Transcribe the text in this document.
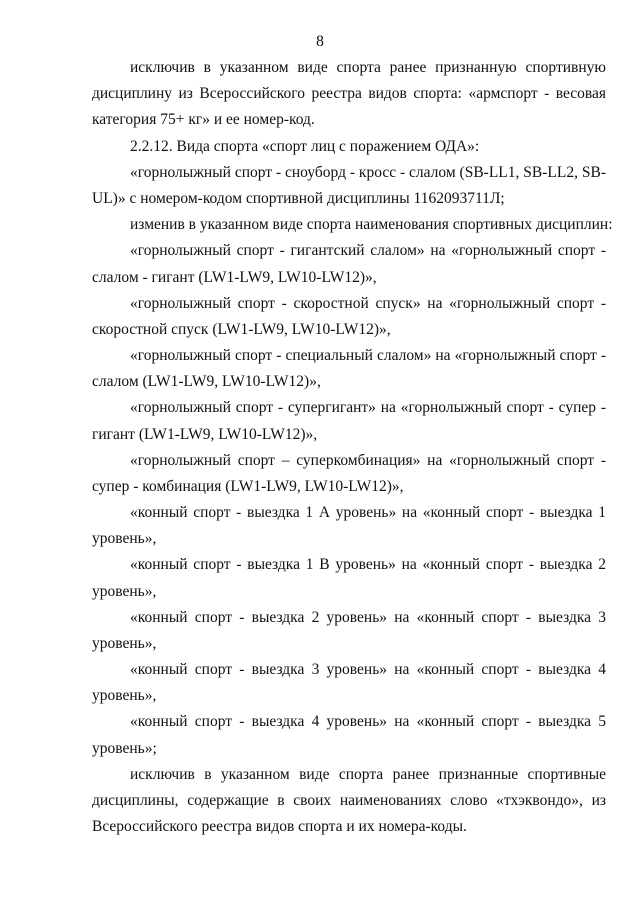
8
исключив в указанном виде спорта ранее признанную спортивную
дисциплину из Всероссийского реестра видов спорта: «армспорт - весовая
категория 75+ кг» и ее номер-код.
2.2.12. Вида спорта «спорт лиц с поражением ОДА»:
«горнолыжный спорт - сноуборд - кросс - слалом (SB-LL1, SB-LL2, SB-
UL)» с номером-кодом спортивной дисциплины 1162093711Л;
изменив в указанном виде спорта наименования спортивных дисциплин:
«горнолыжный спорт - гигантский слалом» на «горнолыжный спорт -
слалом - гигант (LW1-LW9, LW10-LW12)»,
«горнолыжный спорт - скоростной спуск» на «горнолыжный спорт -
скоростной спуск (LW1-LW9, LW10-LW12)»,
«горнолыжный спорт - специальный слалом» на «горнолыжный спорт -
слалом (LW1-LW9, LW10-LW12)»,
«горнолыжный спорт - супергигант» на «горнолыжный спорт - супер -
гигант (LW1-LW9, LW10-LW12)»,
«горнолыжный спорт – суперкомбинация» на «горнолыжный спорт -
супер - комбинация (LW1-LW9, LW10-LW12)»,
«конный спорт - выездка 1 А уровень» на «конный спорт - выездка 1
уровень»,
«конный спорт - выездка 1 В уровень» на «конный спорт - выездка 2
уровень»,
«конный спорт - выездка 2 уровень» на «конный спорт - выездка 3
уровень»,
«конный спорт - выездка 3 уровень» на «конный спорт - выездка 4
уровень»,
«конный спорт - выездка 4 уровень» на «конный спорт - выездка 5
уровень»;
исключив в указанном виде спорта ранее признанные спортивные
дисциплины, содержащие в своих наименованиях слово «тхэквондо», из
Всероссийского реестра видов спорта и их номера-коды.
